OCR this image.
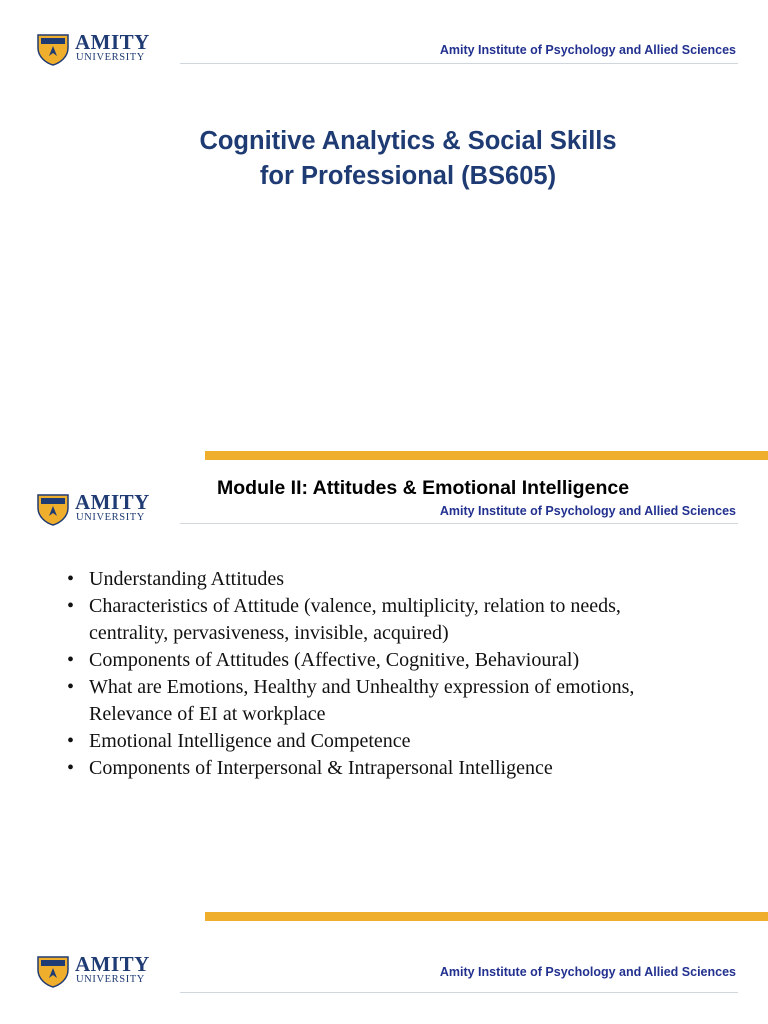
AMITY
UNIVERSITY
Amity Institute of Psychology and Allied Sciences
Cognitive Analytics & Social Skills
for Professional (BS605)
Module II: Attitudes & Emotional Intelligence
AMITY
UNIVERSITY	Amity Institute of Psychology and Allied Sciences
• Understanding Attitudes
• Characteristics of Attitude (valence, multiplicity, relation to needs, centrality, pervasiveness, invisible, acquired)
• Components of Attitudes (Affective, Cognitive, Behavioural)
• What are Emotions, Healthy and Unhealthy expression of emotions, Relevance of EI at workplace
• Emotional Intelligence and Competence
• Components of Interpersonal & Intrapersonal Intelligence
AMITY
UNIVERSITY
Amity Institute of Psychology and Allied Sciences
